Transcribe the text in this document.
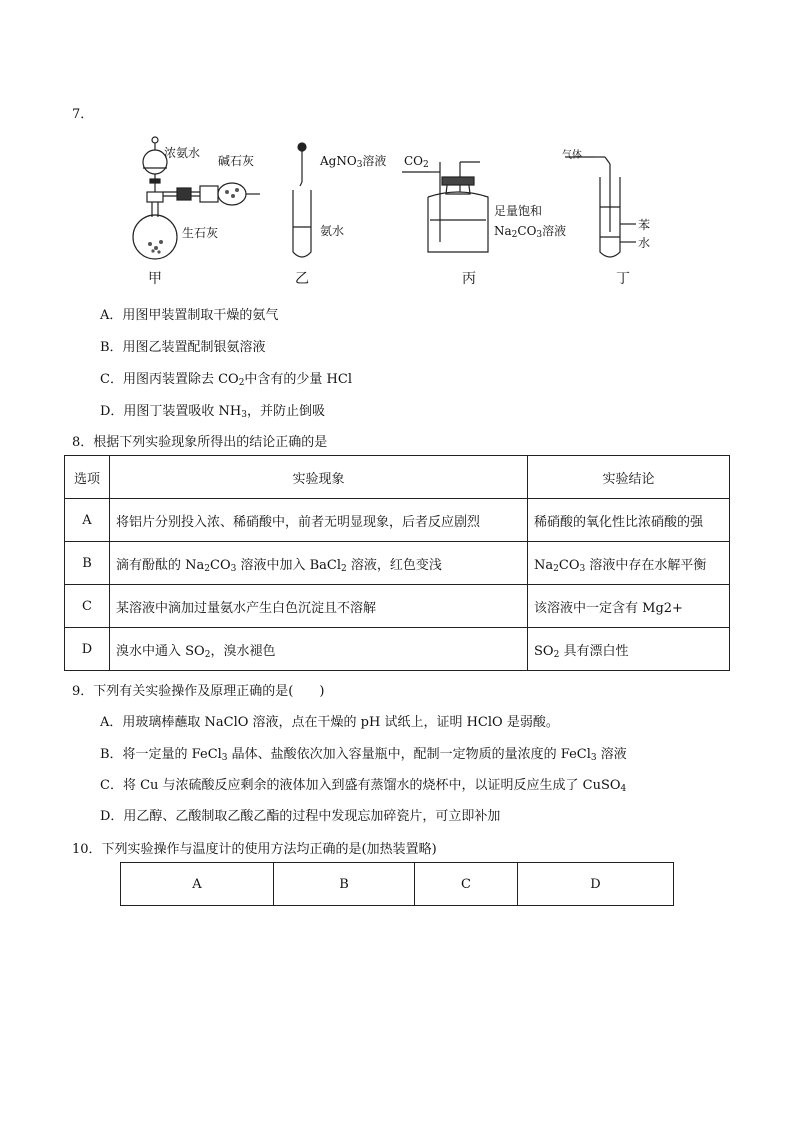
7．
浓氨水
碱石灰
生石灰
AgNO$_3$溶液
氨水
$CO_2$
足量饱和
$Na_2CO_3$溶液
气体
苯
水
甲	乙	丙	丁
A．用图甲装置制取干燥的氨气
B．用图乙装置配制银氨溶液
C．用图丙装置除去 $CO_2$中含有的少量 HCl
D．用图丁装置吸收 $NH_3$，并防止倒吸
8．根据下列实验现象所得出的结论正确的是
选项	实验现象	实验结论
A	将铝片分别投入浓、稀硝酸中，前者无明显现象，后者反应剧烈	稀硝酸的氧化性比浓硝酸的强
B	滴有酚酞的 $Na_2CO_3$ 溶液中加入 BaCl$_2$ 溶液，红色变浅	$Na_2CO_3$ 溶液中存在水解平衡
C	某溶液中滴加过量氨水产生白色沉淀且不溶解	该溶液中一定含有 Mg2+
D	溴水中通入 $SO_2$，溴水褪色	$SO_2$ 具有漂白性
9．下列有关实验操作及原理正确的是(　　)
A．用玻璃棒蘸取 NaClO 溶液，点在干燥的 pH 试纸上，证明 HClO 是弱酸。
B．将一定量的 FeCl$_3$ 晶体、盐酸依次加入容量瓶中，配制一定物质的量浓度的 FeCl$_3$ 溶液
C．将 Cu 与浓硫酸反应剩余的液体加入到盛有蒸馏水的烧杯中，以证明反应生成了 CuSO$_4$
D．用乙醇、乙酸制取乙酸乙酯的过程中发现忘加碎瓷片，可立即补加
10．下列实验操作与温度计的使用方法均正确的是(加热装置略)
A	B	C	D
